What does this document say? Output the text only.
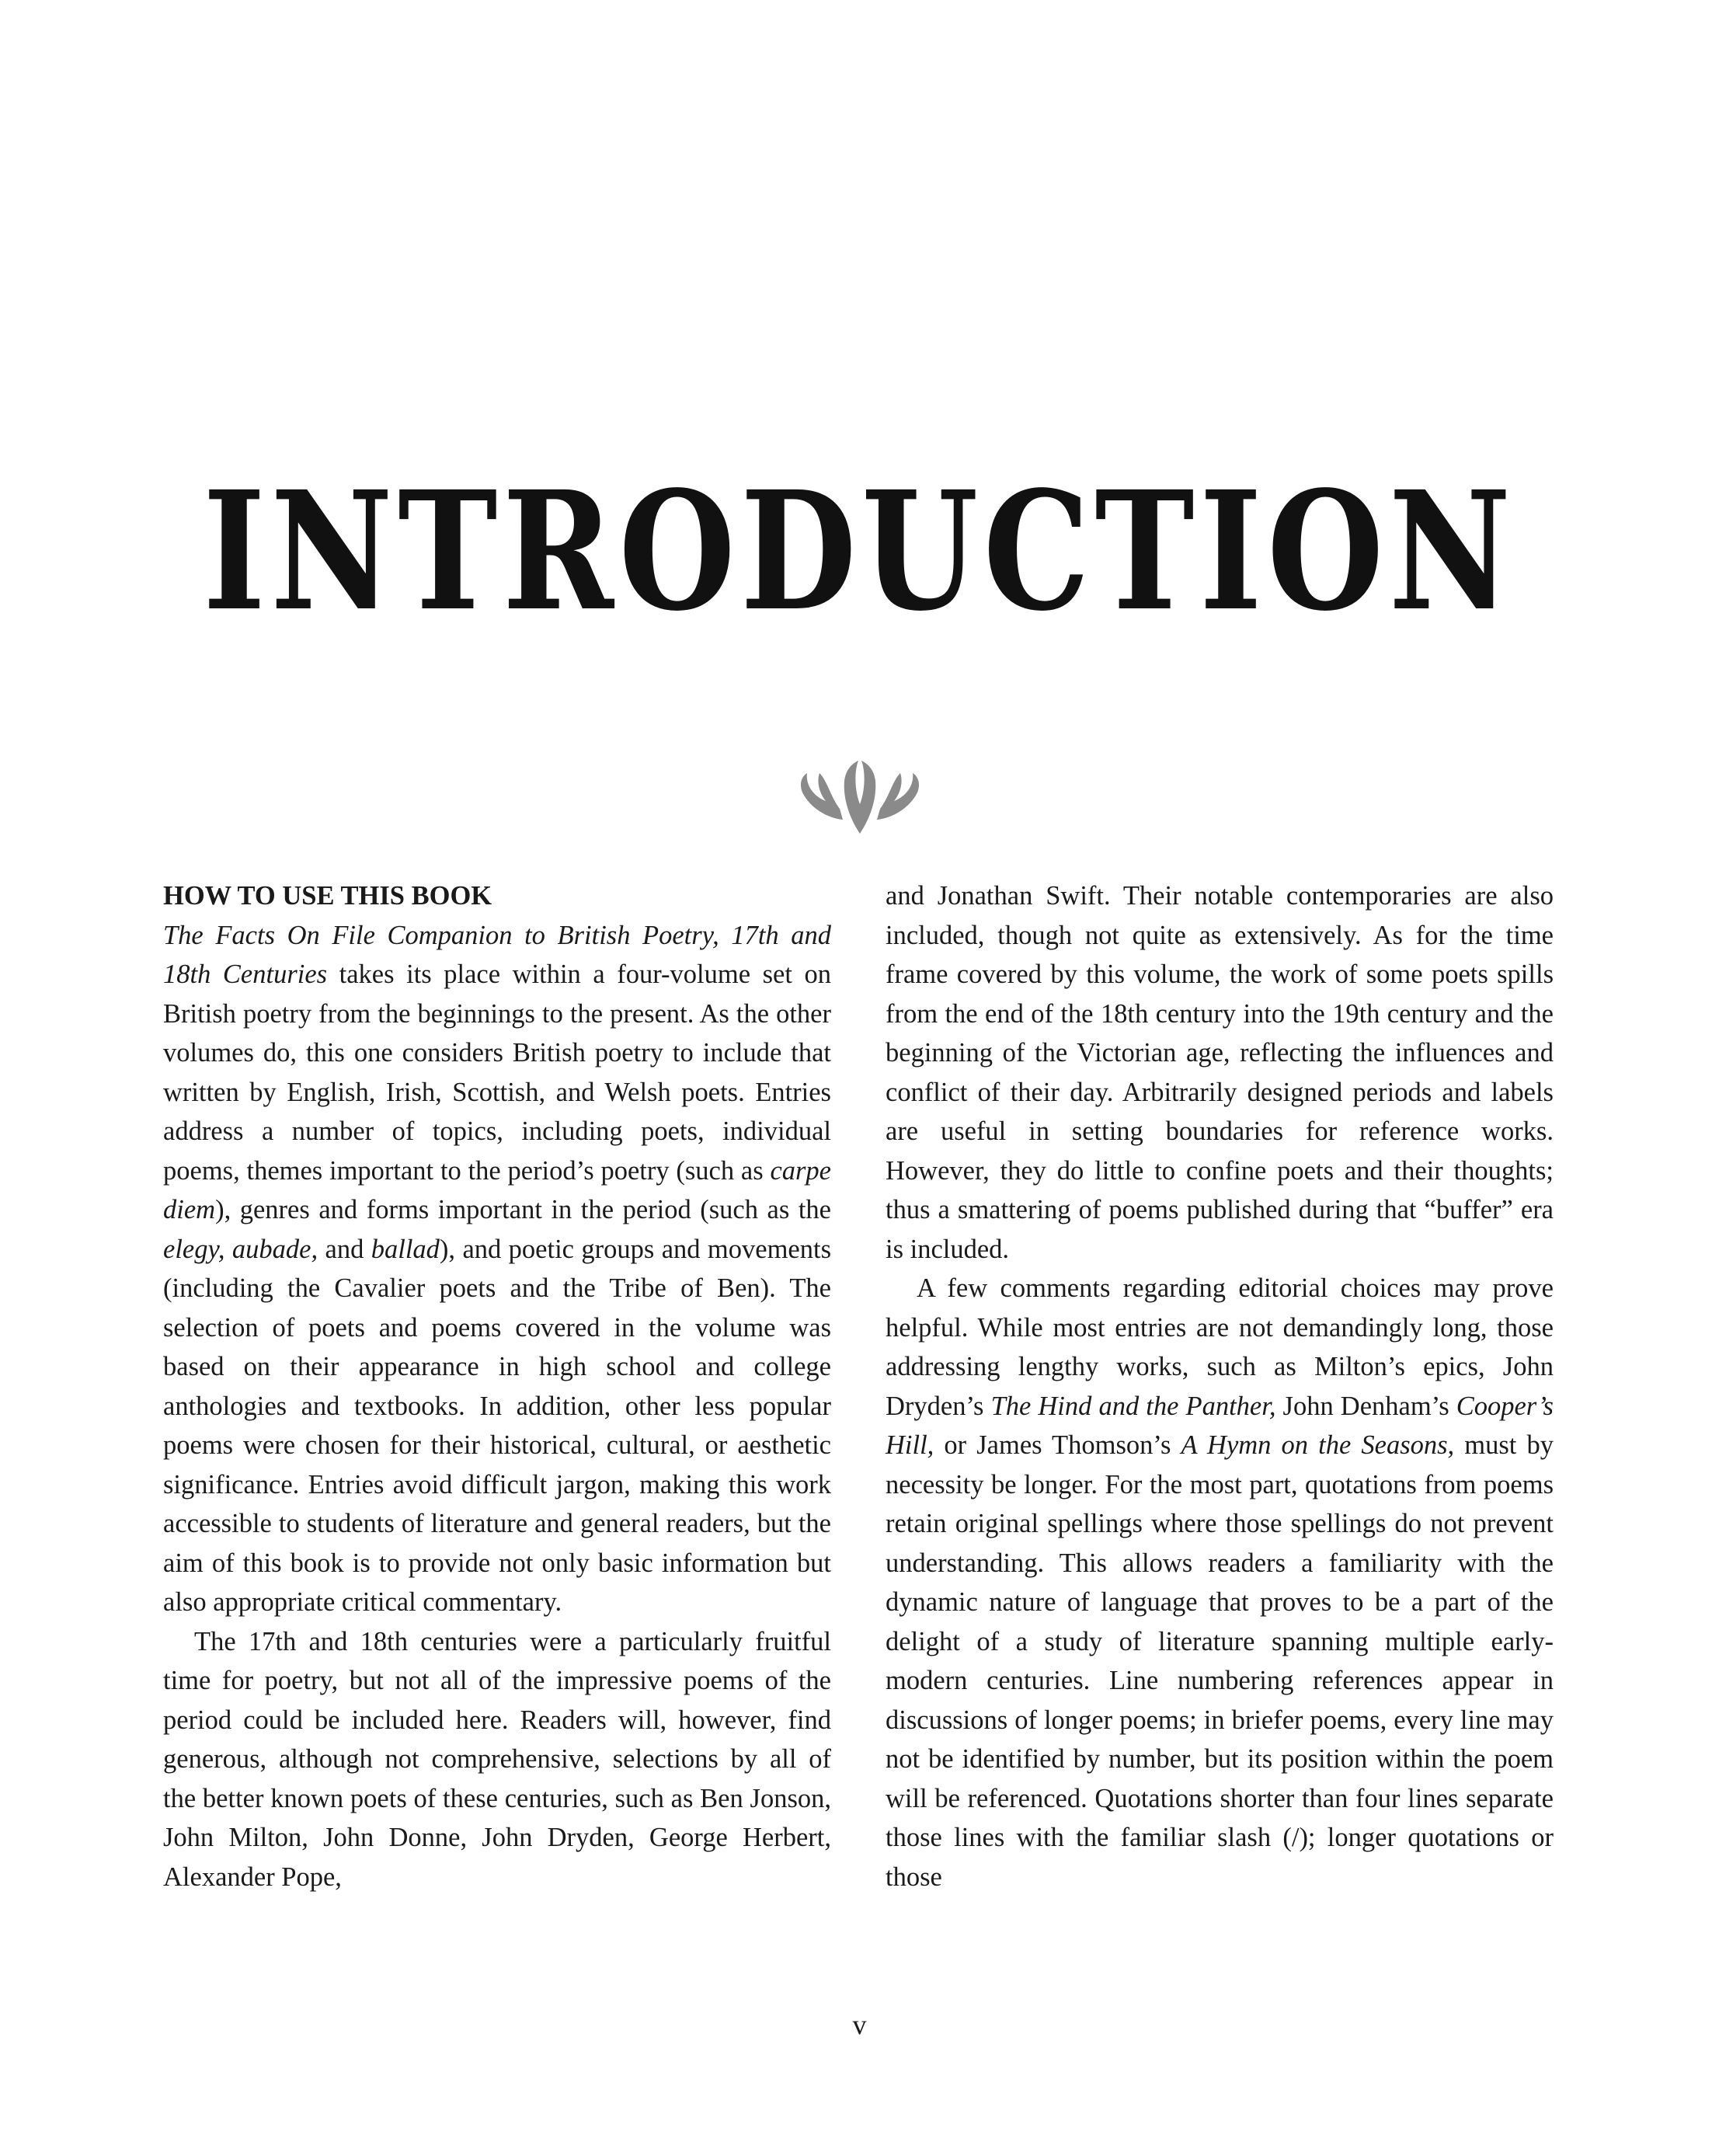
INTRODUCTION
HOW TO USE THIS BOOK

The Facts On File Companion to British Poetry, 17th and 18th Centuries takes its place within a four-volume set on British poetry from the beginnings to the present. As the other volumes do, this one considers British poetry to include that written by English, Irish, Scottish, and Welsh poets. Entries address a number of topics, including poets, individual poems, themes important to the period’s poetry (such as carpe diem), genres and forms important in the period (such as the elegy, aubade, and ballad), and poetic groups and movements (including the Cavalier poets and the Tribe of Ben). The selection of poets and poems covered in the volume was based on their appearance in high school and college anthologies and textbooks. In addition, other less popular poems were chosen for their historical, cultural, or aesthetic significance. Entries avoid difficult jargon, making this work accessible to students of literature and general readers, but the aim of this book is to provide not only basic information but also appropriate critical commentary.

The 17th and 18th centuries were a particularly fruitful time for poetry, but not all of the impressive poems of the period could be included here. Readers will, however, find generous, although not comprehensive, selections by all of the better known poets of these centuries, such as Ben Jonson, John Milton, John Donne, John Dryden, George Herbert, Alexander Pope,

and Jonathan Swift. Their notable contemporaries are also included, though not quite as extensively. As for the time frame covered by this volume, the work of some poets spills from the end of the 18th century into the 19th century and the beginning of the Victorian age, reflecting the influences and conflict of their day. Arbitrarily designed periods and labels are useful in setting boundaries for reference works. However, they do little to confine poets and their thoughts; thus a smattering of poems published during that “buffer” era is included.

A few comments regarding editorial choices may prove helpful. While most entries are not demandingly long, those addressing lengthy works, such as Milton’s epics, John Dryden’s The Hind and the Panther, John Denham’s Cooper’s Hill, or James Thomson’s A Hymn on the Seasons, must by necessity be longer. For the most part, quotations from poems retain original spellings where those spellings do not prevent understanding. This allows readers a familiarity with the dynamic nature of language that proves to be a part of the delight of a study of literature spanning multiple early-modern centuries. Line numbering references appear in discussions of longer poems; in briefer poems, every line may not be identified by number, but its position within the poem will be referenced. Quotations shorter than four lines separate those lines with the familiar slash (/); longer quotations or those

v
